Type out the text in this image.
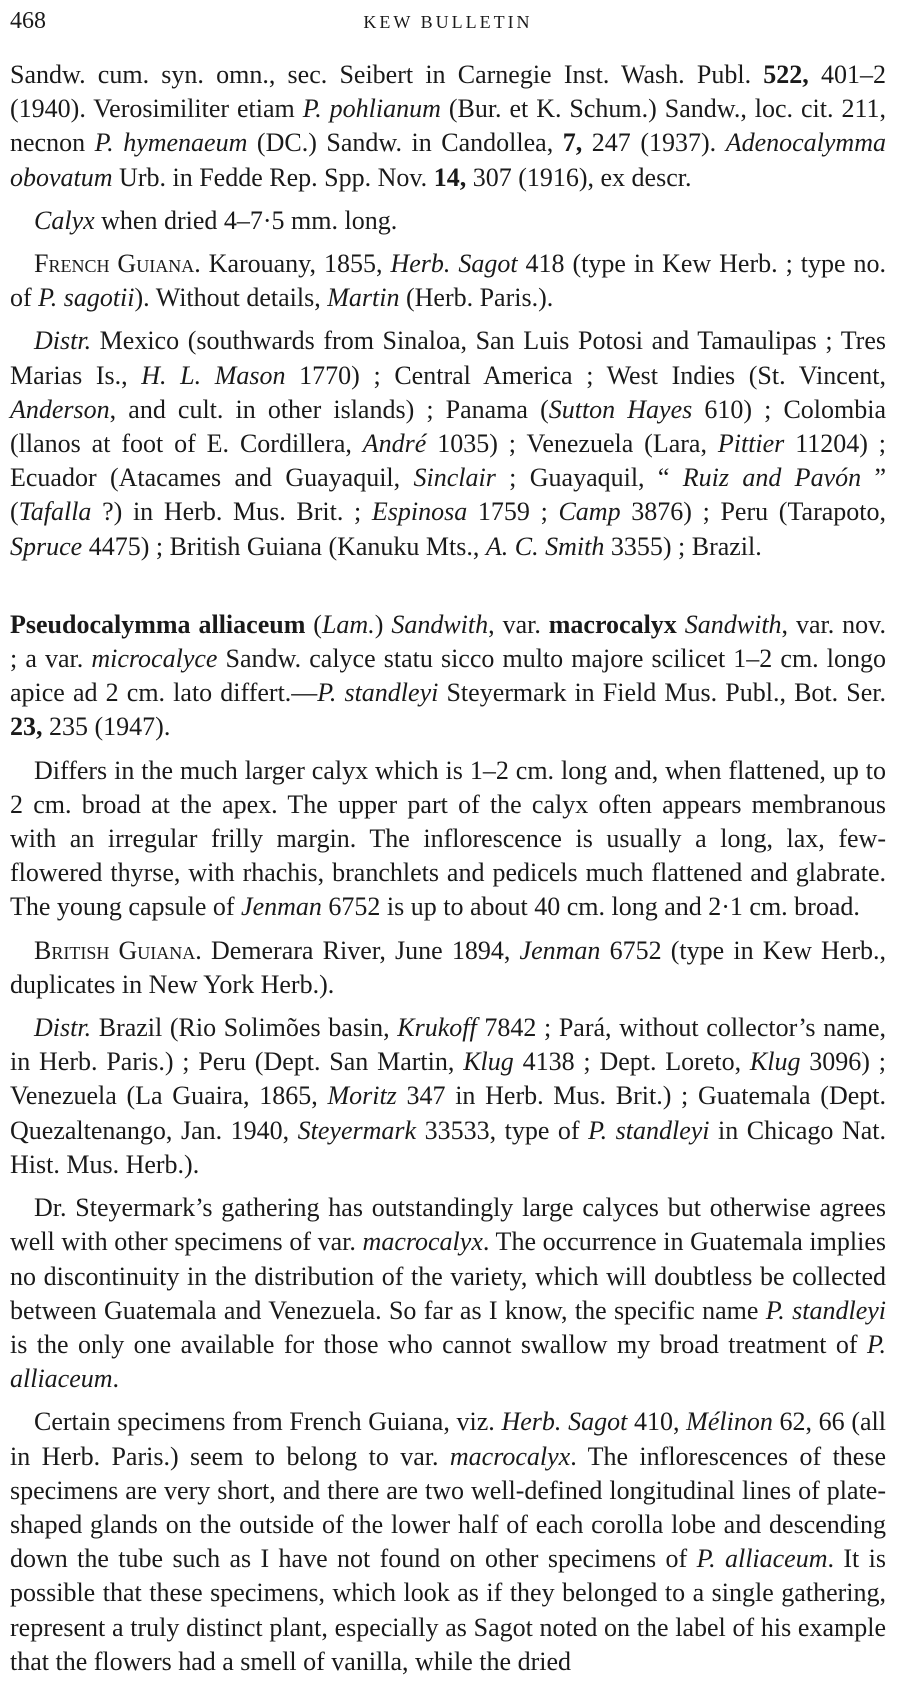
468	KEW BULLETIN

Sandw. cum. syn. omn., sec. Seibert in Carnegie Inst. Wash. Publ. 522, 401–2 (1940). Verosimiliter etiam P. pohlianum (Bur. et K. Schum.) Sandw., loc. cit. 211, necnon P. hymenaeum (DC.) Sandw. in Candollea, 7, 247 (1937). Adenocalymma obovatum Urb. in Fedde Rep. Spp. Nov. 14, 307 (1916), ex descr.

Calyx when dried 4–7·5 mm. long.

French Guiana. Karouany, 1855, Herb. Sagot 418 (type in Kew Herb. ; type no. of P. sagotii). Without details, Martin (Herb. Paris.).

Distr. Mexico (southwards from Sinaloa, San Luis Potosi and Tamaulipas ; Tres Marias Is., H. L. Mason 1770) ; Central America ; West Indies (St. Vincent, Anderson, and cult. in other islands) ; Panama (Sutton Hayes 610) ; Colombia (llanos at foot of E. Cordillera, André 1035) ; Venezuela (Lara, Pittier 11204) ; Ecuador (Atacames and Guayaquil, Sinclair ; Guayaquil, “ Ruiz and Pavón ” (Tafalla ?) in Herb. Mus. Brit. ; Espinosa 1759 ; Camp 3876) ; Peru (Tarapoto, Spruce 4475) ; British Guiana (Kanuku Mts., A. C. Smith 3355) ; Brazil.

Pseudocalymma alliaceum (Lam.) Sandwith, var. macrocalyx Sandwith, var. nov. ; a var. microcalyce Sandw. calyce statu sicco multo majore scilicet 1–2 cm. longo apice ad 2 cm. lato differt.—P. standleyi Steyermark in Field Mus. Publ., Bot. Ser. 23, 235 (1947).

Differs in the much larger calyx which is 1–2 cm. long and, when flattened, up to 2 cm. broad at the apex. The upper part of the calyx often appears membranous with an irregular frilly margin. The inflorescence is usually a long, lax, few-flowered thyrse, with rhachis, branchlets and pedicels much flattened and glabrate. The young capsule of Jenman 6752 is up to about 40 cm. long and 2·1 cm. broad.

British Guiana. Demerara River, June 1894, Jenman 6752 (type in Kew Herb., duplicates in New York Herb.).

Distr. Brazil (Rio Solimões basin, Krukoff 7842 ; Pará, without collector’s name, in Herb. Paris.) ; Peru (Dept. San Martin, Klug 4138 ; Dept. Loreto, Klug 3096) ; Venezuela (La Guaira, 1865, Moritz 347 in Herb. Mus. Brit.) ; Guatemala (Dept. Quezaltenango, Jan. 1940, Steyermark 33533, type of P. standleyi in Chicago Nat. Hist. Mus. Herb.).

Dr. Steyermark’s gathering has outstandingly large calyces but otherwise agrees well with other specimens of var. macrocalyx. The occurrence in Guatemala implies no discontinuity in the distribution of the variety, which will doubtless be collected between Guatemala and Venezuela. So far as I know, the specific name P. standleyi is the only one available for those who cannot swallow my broad treatment of P. alliaceum.

Certain specimens from French Guiana, viz. Herb. Sagot 410, Mélinon 62, 66 (all in Herb. Paris.) seem to belong to var. macrocalyx. The inflorescences of these specimens are very short, and there are two well-defined longitudinal lines of plate-shaped glands on the outside of the lower half of each corolla lobe and descending down the tube such as I have not found on other specimens of P. alliaceum. It is possible that these specimens, which look as if they belonged to a single gathering, represent a truly distinct plant, especially as Sagot noted on the label of his example that the flowers had a smell of vanilla, while the dried
